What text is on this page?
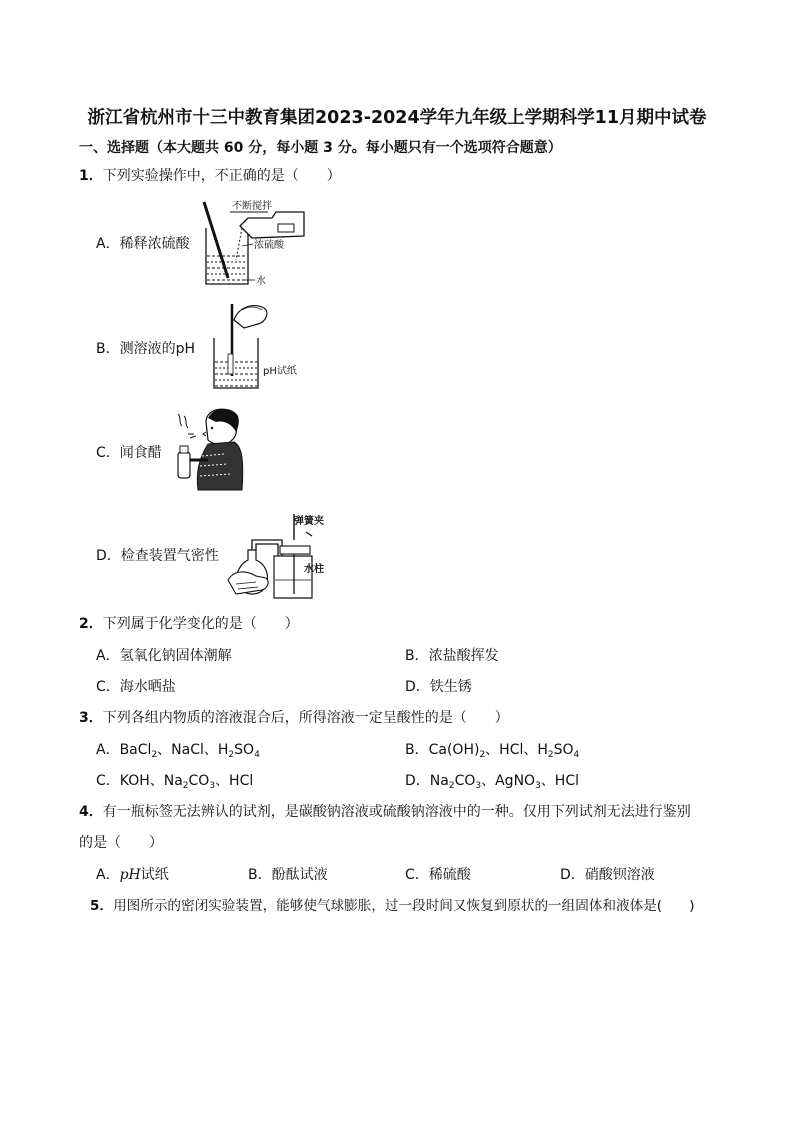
浙江省杭州市十三中教育集团2023-2024学年九年级上学期科学11月期中试卷
一、选择题（本大题共 60 分，每小题 3 分。每小题只有一个选项符合题意）
1．下列实验操作中，不正确的是（　　）
A．稀释浓硫酸
不断搅拌
浓硫酸
水
B．测溶液的pH
pH试纸
C．闻食醋
D．检查装置气密性
弹簧夹
水柱
2．下列属于化学变化的是（　　）
A．氢氧化钠固体潮解	B．浓盐酸挥发
C．海水晒盐	D．铁生锈
3．下列各组内物质的溶液混合后，所得溶液一定呈酸性的是（　　）
A．BaCl$_2$、NaCl、$H_2SO_4$	B．$Ca(OH)_2$、HCl、$H_2SO_4$
C．KOH、$Na_2CO_3$、HCl	D．$Na_2CO_3$、AgNO$_3$、HCl
4．有一瓶标签无法辨认的试剂，是碳酸钠溶液或硫酸钠溶液中的一种。仅用下列试剂无法进行鉴别
的是（　　）
A．pH试纸	B．酚酞试液	C．稀硫酸	D．硝酸钡溶液
5．用图所示的密闭实验装置，能够使气球膨胀，过一段时间又恢复到原状的一组固体和液体是(　　)
